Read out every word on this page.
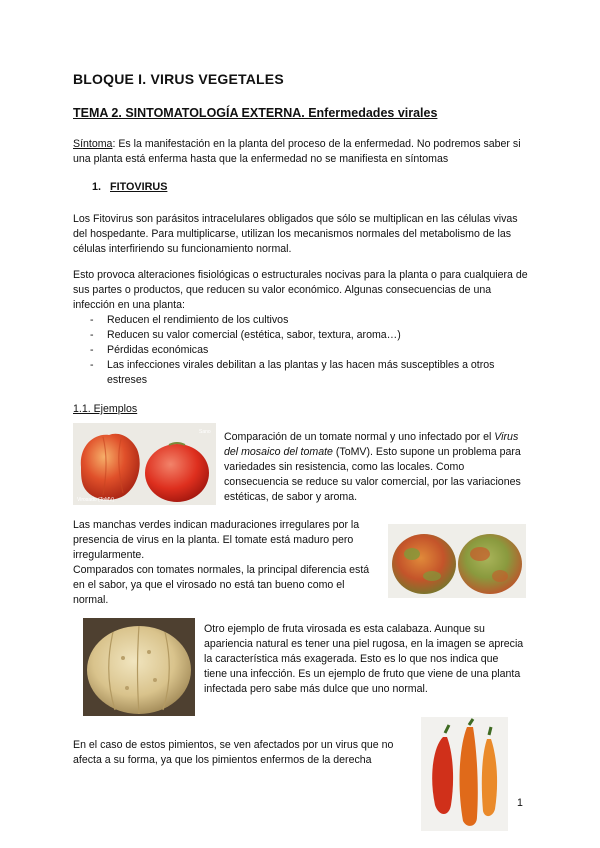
BLOQUE I. VIRUS VEGETALES
TEMA 2. SINTOMATOLOGÍA EXTERNA. Enfermedades virales
Síntoma: Es la manifestación en la planta del proceso de la enfermedad. No podremos saber si una planta está enferma hasta que la enfermedad no se manifiesta en síntomas
1. FITOVIRUS
Los Fitovirus son parásitos intracelulares obligados que sólo se multiplican en las células vivas del hospedante. Para multiplicarse, utilizan los mecanismos normales del metabolismo de las células interfiriendo su funcionamiento normal.
Esto provoca alteraciones fisiológicas o estructurales nocivas para la planta o para cualquiera de sus partes o productos, que reducen su valor económico. Algunas consecuencias de una infección en una planta:
- Reducen el rendimiento de los cultivos
- Reducen su valor comercial (estética, sabor, textura, aroma…)
- Pérdidas económicas
- Las infecciones virales debilitan a las plantas y las hacen más susceptibles a otros estreses
1.1. Ejemplos
Virosado (ToMV)
Sano Comparación de un tomate normal y uno infectado por el Virus del mosaico del tomate (ToMV). Esto supone un problema para variedades sin resistencia, como las locales. Como consecuencia se reduce su valor comercial, por las variaciones estéticas, de sabor y aroma.
Las manchas verdes indican maduraciones irregulares por la presencia de virus en la planta. El tomate está maduro pero irregularmente.
Comparados con tomates normales, la principal diferencia está en el sabor, ya que el virosado no está tan bueno como el normal.
Otro ejemplo de fruta virosada es esta calabaza. Aunque su apariencia natural es tener una piel rugosa, en la imagen se aprecia la característica más exagerada. Esto es lo que nos indica que tiene una infección. Es un ejemplo de fruto que viene de una planta infectada pero sabe más dulce que uno normal.
En el caso de estos pimientos, se ven afectados por un virus que no afecta a su forma, ya que los pimientos enfermos de la derecha
1
